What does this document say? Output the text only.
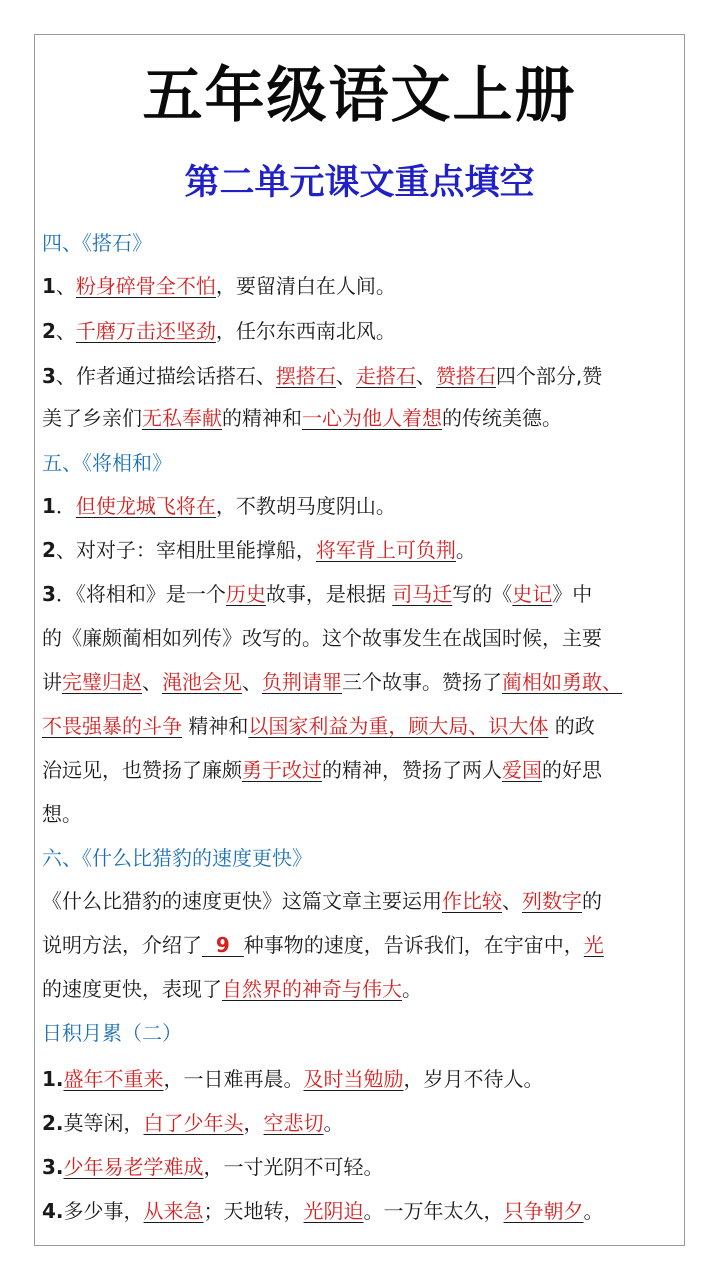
五年级语文上册
第二单元课文重点填空
四、《搭石》
1、粉身碎骨全不怕，要留清白在人间。
2、千磨万击还坚劲，任尔东西南北风。
3、作者通过描绘话搭石、摆搭石、走搭石、赞搭石四个部分,赞
美了乡亲们无私奉献的精神和一心为他人着想的传统美德。
五、《将相和》
1．但使龙城飞将在，不教胡马度阴山。
2、对对子：宰相肚里能撑船，将军背上可负荆。
3．《将相和》是一个历史故事，是根据 司马迁写的《史记》中
的《廉颇蔺相如列传》改写的。这个故事发生在战国时候，主要
讲完璧归赵、渑池会见、负荆请罪三个故事。赞扬了蔺相如勇敢、
不畏强暴的斗争 精神和以国家利益为重，顾大局、识大体 的政
治远见，也赞扬了廉颇勇于改过的精神，赞扬了两人爱国的好思
想。
六、《什么比猎豹的速度更快》
《什么比猎豹的速度更快》这篇文章主要运用作比较、列数字的
说明方法，介绍了  9  种事物的速度，告诉我们，在宇宙中，光
的速度更快，表现了自然界的神奇与伟大。
日积月累（二）
1.盛年不重来，一日难再晨。及时当勉励，岁月不待人。
2.莫等闲，白了少年头，空悲切。
3.少年易老学难成，一寸光阴不可轻。
4.多少事，从来急；天地转，光阴迫。一万年太久，只争朝夕。
